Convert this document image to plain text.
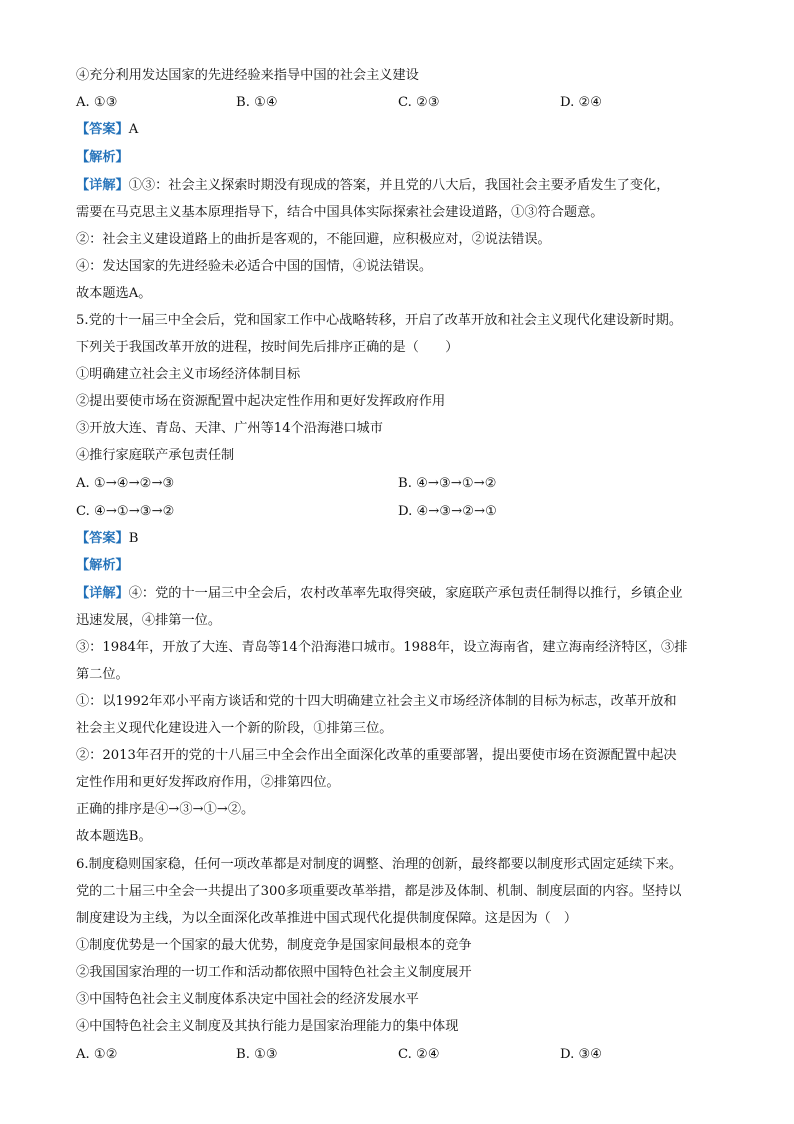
④充分利用发达国家的先进经验来指导中国的社会主义建设
A. ①③	B. ①④	C. ②③	D. ②④
【答案】A
【解析】
【详解】①③：社会主义探索时期没有现成的答案，并且党的八大后，我国社会主要矛盾发生了变化，
需要在马克思主义基本原理指导下，结合中国具体实际探索社会建设道路，①③符合题意。
②：社会主义建设道路上的曲折是客观的，不能回避，应积极应对，②说法错误。
④：发达国家的先进经验未必适合中国的国情，④说法错误。
故本题选A。
5.党的十一届三中全会后，党和国家工作中心战略转移，开启了改革开放和社会主义现代化建设新时期。
下列关于我国改革开放的进程，按时间先后排序正确的是（　　）
①明确建立社会主义市场经济体制目标
②提出要使市场在资源配置中起决定性作用和更好发挥政府作用
③开放大连、青岛、天津、广州等14个沿海港口城市
④推行家庭联产承包责任制
A. ①→④→②→③	B. ④→③→①→②
C. ④→①→③→②	D. ④→③→②→①
【答案】B
【解析】
【详解】④：党的十一届三中全会后，农村改革率先取得突破，家庭联产承包责任制得以推行，乡镇企业
迅速发展，④排第一位。
③：1984年，开放了大连、青岛等14个沿海港口城市。1988年，设立海南省，建立海南经济特区，③排
第二位。
①：以1992年邓小平南方谈话和党的十四大明确建立社会主义市场经济体制的目标为标志，改革开放和
社会主义现代化建设进入一个新的阶段，①排第三位。
②：2013年召开的党的十八届三中全会作出全面深化改革的重要部署，提出要使市场在资源配置中起决
定性作用和更好发挥政府作用，②排第四位。
正确的排序是④→③→①→②。
故本题选B。
6.制度稳则国家稳，任何一项改革都是对制度的调整、治理的创新，最终都要以制度形式固定延续下来。
党的二十届三中全会一共提出了300多项重要改革举措，都是涉及体制、机制、制度层面的内容。坚持以
制度建设为主线，为以全面深化改革推进中国式现代化提供制度保障。这是因为（　）
①制度优势是一个国家的最大优势，制度竞争是国家间最根本的竞争
②我国国家治理的一切工作和活动都依照中国特色社会主义制度展开
③中国特色社会主义制度体系决定中国社会的经济发展水平
④中国特色社会主义制度及其执行能力是国家治理能力的集中体现
A. ①②	B. ①③	C. ②④	D. ③④
